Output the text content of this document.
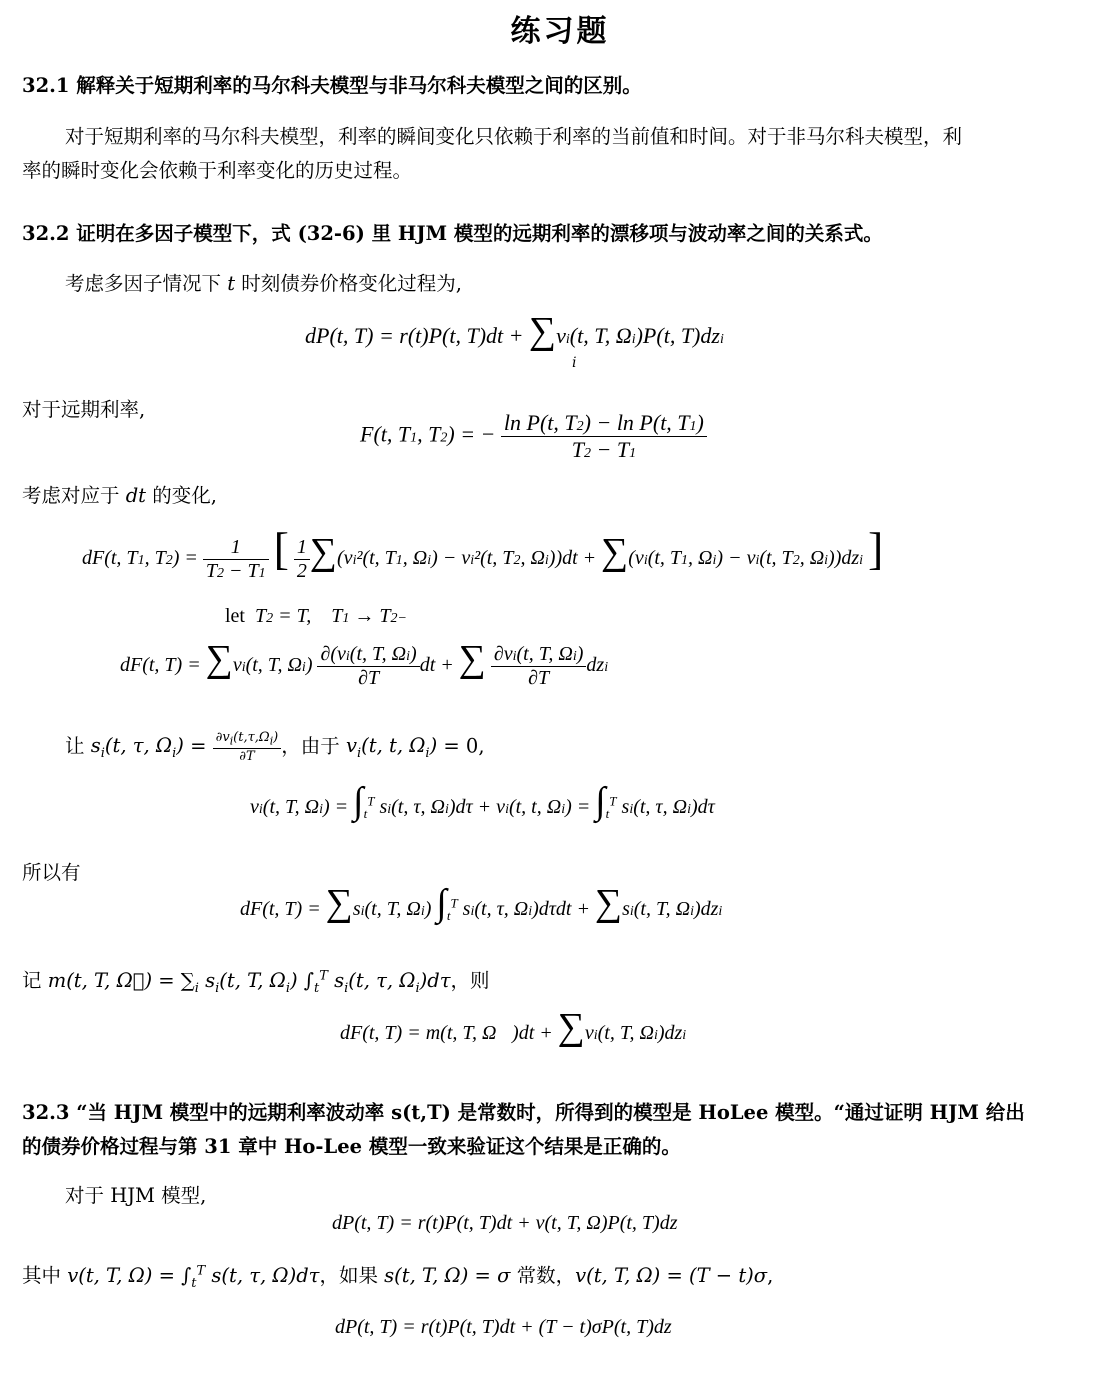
练习题
32.1 解释关于短期利率的马尔科夫模型与非马尔科夫模型之间的区别。
对于短期利率的马尔科夫模型，利率的瞬间变化只依赖于利率的当前值和时间。对于非马尔科夫模型，利
率的瞬时变化会依赖于利率变化的历史过程。
32.2 证明在多因子模型下，式 (32-6) 里 HJM 模型的远期利率的漂移项与波动率之间的关系式。
考虑多因子情况下 t 时刻债券价格变化过程为,
dP(t, T) = r(t)P(t, T)dt + ∑vi(t, T, Ωi)P(t, T)dzi
i
对于远期利率,
F(t, T1, T2) = − $\frac{\text{ln P(t, T2) − ln P(t, T1)}}{T2 - T1}$
考虑对应于 dt 的变化,
dF(t, T1, $T2) = \frac{1}{T2 - T1}$ [ $\frac{1}{2} \sum(vi^2(t$, T1, Ωi) − vi²(t, T2, Ωi))dt + ∑(vi(t, T1, Ωi) − vi(t, T2, Ωi))dzi ]
let  T2 = T,    T1 → T2−
dF(t, T) = ∑vi(t, T, $\Omega i) \frac{\partial(vi(t, T, \Omega i)}{\partial T}$ dt + ∑ $\frac{\partial vi(t, T, \Omega i)}{\partial T}$ dzi
让 $s_i(t$, τ, $\Omega_i) = \frac{\partial v_i(t,\tau,\Omega_i)}{\partial T}$ ，由于 $v_i(t$, t, $\Omega_i) = 0$,
vi(t, T, $\Omega i) = \int_t^T$ si(t, τ, Ωi)dτ + vi(t, t, $\Omega i) = \int_t^T$ si(t, τ, Ωi)dτ
所以有
dF(t, T) = ∑si(t, T, Ωi) $\int_t^T$ si(t, τ, Ωi)dτdt + ∑si(t, T, Ωi)dzi
记 m(t, T, Ω⃗) = $\sum_i$ $s_i(t$, T, $\Omega_i$) $\int_t^T$ $s_i(t$, τ, $\Omega_i)d\tau$，则
dF(t, T) = m(t, T, Ω⃗)dt + ∑vi(t, T, Ωi)dzi
32.3 “当 HJM 模型中的远期利率波动率 s(t,T) 是常数时，所得到的模型是 HoLee 模型。“通过证明 HJM 给出
的债券价格过程与第 31 章中 Ho-Lee 模型一致来验证这个结果是正确的。
对于 HJM 模型,
dP(t, T) = r(t)P(t, T)dt + v(t, T, Ω)P(t, T)dz
其中 v(t, T, $\Omega) = \int_t^T$ s(t, τ, Ω)dτ，如果 s(t, T, Ω) = σ 常数，v(t, T, Ω) = (T − t)σ,
dP(t, T) = r(t)P(t, T)dt + (T − t)σP(t, T)dz
